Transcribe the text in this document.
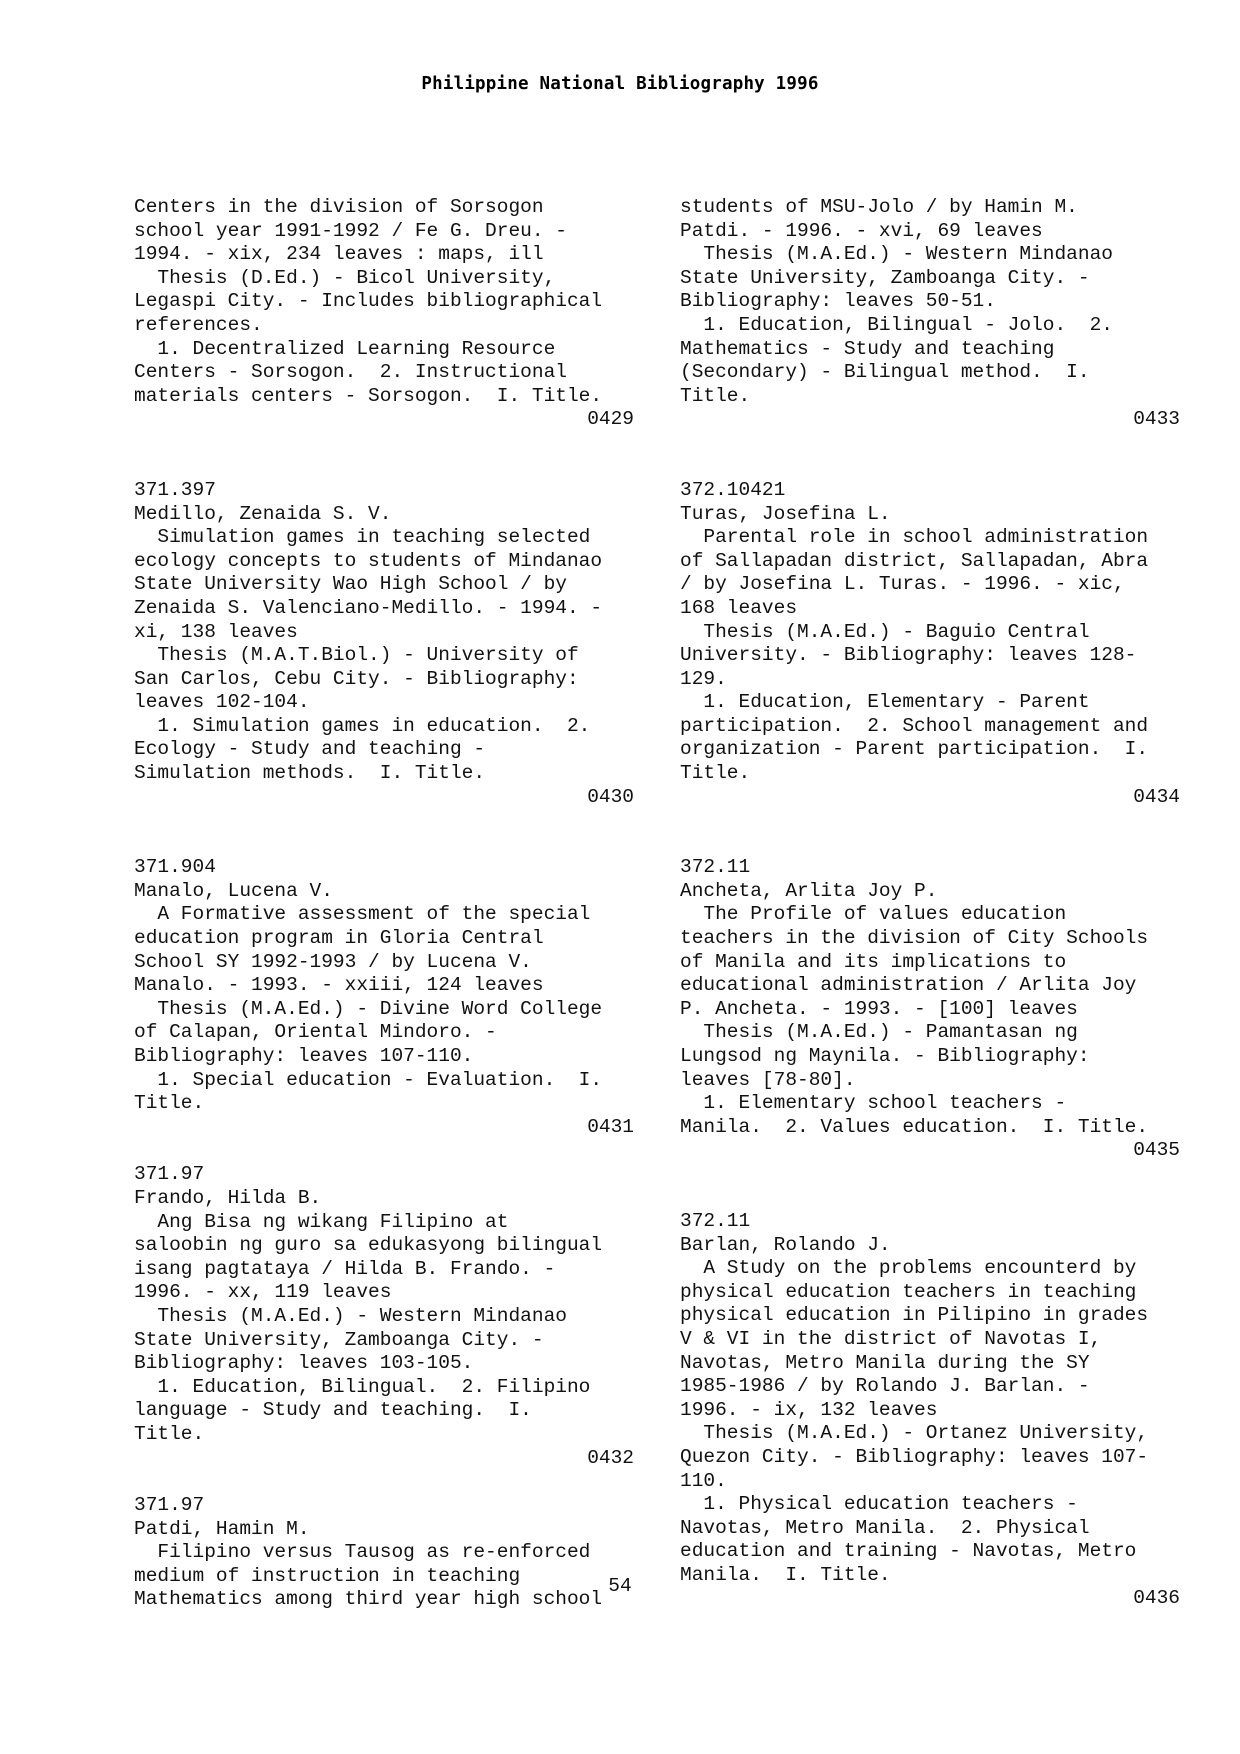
Philippine National Bibliography 1996
Centers in the division of Sorsogon
school year 1991-1992 / Fe G. Dreu. -
1994. - xix, 234 leaves : maps, ill
Thesis (D.Ed.) - Bicol University,
Legaspi City. - Includes bibliographical
references.
1. Decentralized Learning Resource
Centers - Sorsogon.  2. Instructional
materials centers - Sorsogon.  I. Title.
0429
371.397
Medillo, Zenaida S. V.
Simulation games in teaching selected
ecology concepts to students of Mindanao
State University Wao High School / by
Zenaida S. Valenciano-Medillo. - 1994. -
xi, 138 leaves
Thesis (M.A.T.Biol.) - University of
San Carlos, Cebu City. - Bibliography:
leaves 102-104.
1. Simulation games in education.  2.
Ecology - Study and teaching -
Simulation methods.  I. Title.
0430
371.904
Manalo, Lucena V.
A Formative assessment of the special
education program in Gloria Central
School SY 1992-1993 / by Lucena V.
Manalo. - 1993. - xxiii, 124 leaves
Thesis (M.A.Ed.) - Divine Word College
of Calapan, Oriental Mindoro. -
Bibliography: leaves 107-110.
1. Special education - Evaluation.  I.
Title.
0431
371.97
Frando, Hilda B.
Ang Bisa ng wikang Filipino at
saloobin ng guro sa edukasyong bilingual
isang pagtataya / Hilda B. Frando. -
1996. - xx, 119 leaves
Thesis (M.A.Ed.) - Western Mindanao
State University, Zamboanga City. -
Bibliography: leaves 103-105.
1. Education, Bilingual.  2. Filipino
language - Study and teaching.  I.
Title.
0432
371.97
Patdi, Hamin M.
Filipino versus Tausog as re-enforced
medium of instruction in teaching
Mathematics among third year high school
students of MSU-Jolo / by Hamin M.
Patdi. - 1996. - xvi, 69 leaves
Thesis (M.A.Ed.) - Western Mindanao
State University, Zamboanga City. -
Bibliography: leaves 50-51.
1. Education, Bilingual - Jolo.  2.
Mathematics - Study and teaching
(Secondary) - Bilingual method.  I.
Title.
0433
372.10421
Turas, Josefina L.
Parental role in school administration
of Sallapadan district, Sallapadan, Abra
/ by Josefina L. Turas. - 1996. - xic,
168 leaves
Thesis (M.A.Ed.) - Baguio Central
University. - Bibliography: leaves 128-
129.
1. Education, Elementary - Parent
participation.  2. School management and
organization - Parent participation.  I.
Title.
0434
372.11
Ancheta, Arlita Joy P.
The Profile of values education
teachers in the division of City Schools
of Manila and its implications to
educational administration / Arlita Joy
P. Ancheta. - 1993. - [100] leaves
Thesis (M.A.Ed.) - Pamantasan ng
Lungsod ng Maynila. - Bibliography:
leaves [78-80].
1. Elementary school teachers -
Manila.  2. Values education.  I. Title.
0435
372.11
Barlan, Rolando J.
A Study on the problems encounterd by
physical education teachers in teaching
physical education in Pilipino in grades
V & VI in the district of Navotas I,
Navotas, Metro Manila during the SY
1985-1986 / by Rolando J. Barlan. -
1996. - ix, 132 leaves
Thesis (M.A.Ed.) - Ortanez University,
Quezon City. - Bibliography: leaves 107-
110.
1. Physical education teachers -
Navotas, Metro Manila.  2. Physical
education and training - Navotas, Metro
Manila.  I. Title.
0436
54
